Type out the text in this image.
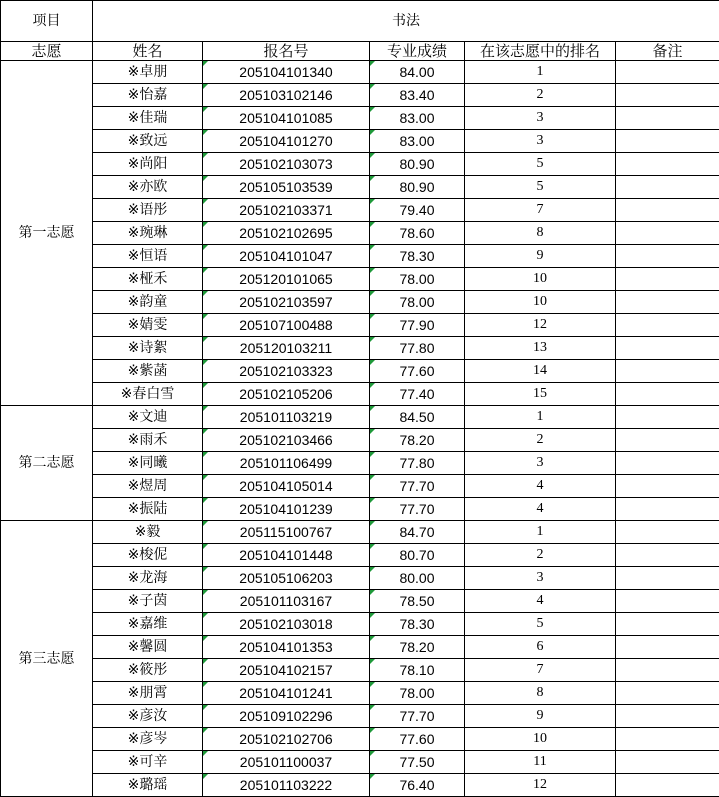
项目	书法				
志愿	姓名	报名号	专业成绩	在该志愿中的排名	备注
第一志愿	※卓朋	205104101340	84.00	1	
	※怡嘉	205103102146	83.40	2	
	※佳瑞	205104101085	83.00	3	
	※致远	205104101270	83.00	3	
	※尚阳	205102103073	80.90	5	
	※亦欧	205105103539	80.90	5	
	※语彤	205102103371	79.40	7	
	※琬琳	205102102695	78.60	8	
	※恒语	205104101047	78.30	9	
	※桠禾	205120101065	78.00	10	
	※韵童	205102103597	78.00	10	
	※婧雯	205107100488	77.90	12	
	※诗絮	205120103211	77.80	13	
	※紫菡	205102103323	77.60	14	
	※春白雪	205102105206	77.40	15	
第二志愿	※文迪	205101103219	84.50	1	
	※雨禾	205102103466	78.20	2	
	※同曦	205101106499	77.80	3	
	※煜周	205104105014	77.70	4	
	※振陆	205104101239	77.70	4	
第三志愿	※毅	205115100767	84.70	1	
	※梭伲	205104101448	80.70	2	
	※龙海	205105106203	80.00	3	
	※子茵	205101103167	78.50	4	
	※嘉维	205102103018	78.30	5	
	※馨圆	205104101353	78.20	6	
	※筱彤	205104102157	78.10	7	
	※朋霄	205104101241	78.00	8	
	※彦汝	205109102296	77.70	9	
	※彦岑	205102102706	77.60	10	
	※可辛	205101100037	77.50	11	
	※璐瑶	205101103222	76.40	12	
